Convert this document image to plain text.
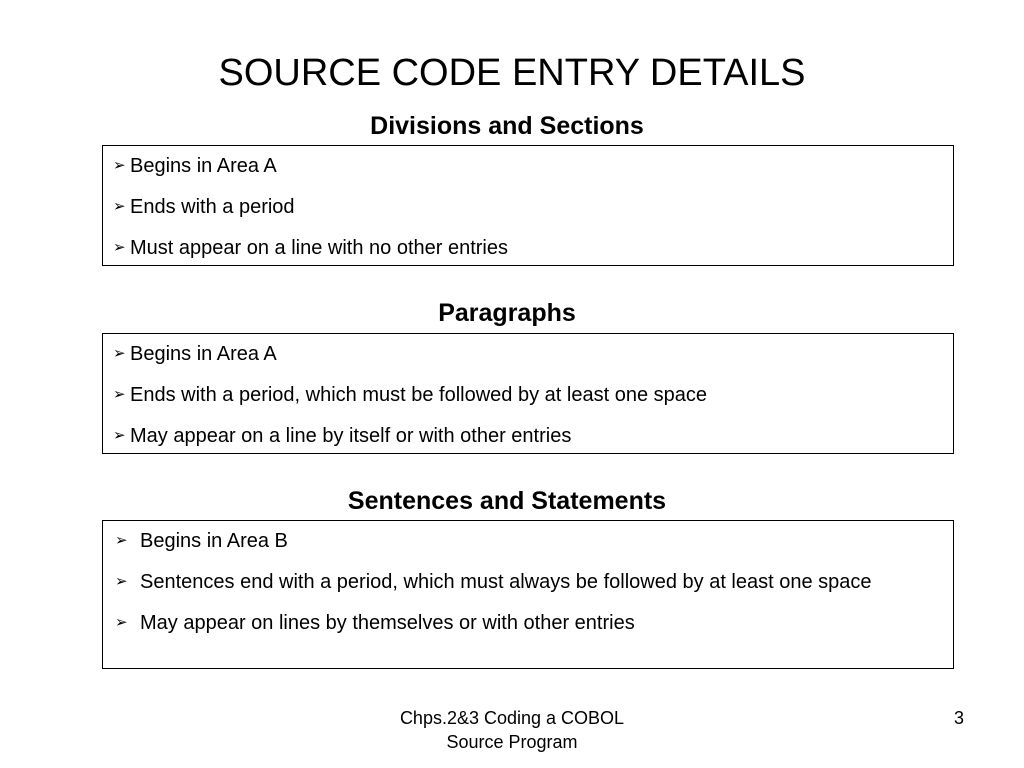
SOURCE CODE ENTRY DETAILS
Divisions and Sections
➢ Begins in Area A
➢ Ends with a period
➢ Must appear on a line with no other entries
Paragraphs
➢ Begins in Area A
➢ Ends with a period, which must be followed by at least one space
➢ May appear on a line by itself or with other entries
Sentences and Statements
➢ Begins in Area B
➢ Sentences end with a period, which must always be followed by at least one space
➢ May appear on lines by themselves or with other entries
Chps.2&3 Coding a COBOL
Source Program
3
